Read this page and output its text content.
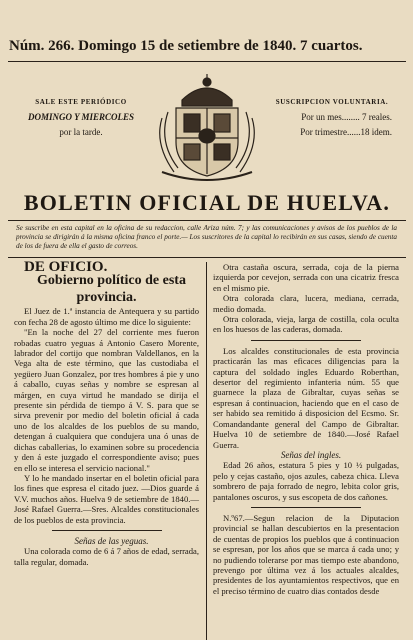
Núm. 266. Domingo 15 de setiembre de 1840. 7 cuartos.
SALE ESTE PERIÓDICO
DOMINGO Y MIERCOLES
por la tarde.
SUSCRIPCION VOLUNTARIA.
Por un mes........ 7 reales.
Por trimestre......18 idem.
BOLETIN OFICIAL DE HUELVA.
Se suscribe en esta capital en la oficina de su redaccion, calle Ariza núm. 7; y las comunicaciones y avisos de los pueblos de la provincia se dirigirán á la misma oficina franco el porte.— Los suscritores de la capital lo recibirán en sus casas, siendo de cuenta de los de fuera de ella el gasto de correos.

DE OFICIO.

Gobierno político de esta provincia.

El Juez de 1.ª instancia de Antequera y su partido con fecha 28 de agosto último me dice lo siguiente:

"En la noche del 27 del corriente mes fueron robadas cuatro yeguas á Antonio Casero Morente, labrador del cortijo que nombran Valdellanos, en la Vega alta de este término, que las custodiaba el yegüero Juan Gonzalez, por tres hombres á pie y uno á caballo, cuyas señas y nombre se espresan al márgen, en cuya virtud he mandado se dirija el presente sin pérdida de tiempo á V. S. para que se sirva prevenir por medio del boletin oficial á cada uno de los alcaldes de los pueblos de su mando, detengan á cualquiera que condujera una ó unas de dichas caballerias, lo examinen sobre su procedencia y den á este juzgado el correspondiente aviso; pues en ello se interesa el servicio nacional."

Y lo he mandado insertar en el boletin oficial para los fines que espresa el citado juez. —Dios guarde á V.V. muchos años. Huelva 9 de setiembre de 1840.—José Rafael Guerra.—Sres. Alcaldes constitucionales de los pueblos de esta provincia.

Señas de las yeguas.

Una colorada como de 6 á 7 años de edad, serrada, talla regular, domada.

Otra castaña oscura, serrada, coja de la pierna izquierda por cevejon, serrada con una cicatriz fresca en el mismo pie.

Otra colorada clara, lucera, mediana, cerrada, medio domada.

Otra colorada, vieja, larga de costilla, cola oculta en los huesos de las caderas, domada.

Los alcaldes constitucionales de esta provincia practicarán las mas eficaces diligencias para la captura del soldado ingles Eduardo Roberthan, desertor del regimiento infanteria núm. 55 que guarnece la plaza de Gibraltar, cuyas señas se espresan á continuacion, haciendo que en el caso de ser habido sea remitido á disposicion del Ecsmo. Sr. Comandandante general del Campo de Gibraltar. Huelva 10 de setiembre de 1840.—José Rafael Guerra.

Señas del ingles.

Edad 26 años, estatura 5 pies y 10 ½ pulgadas, pelo y cejas castaño, ojos azules, cabeza chica. Lleva sombrero de paja forrado de negro, lebita color gris, pantalones oscuros, y sus escopeta de dos cañones.

N.º67.—Segun relacion de la Diputacion provincial se hallan descubiertos en la presentacion de cuentas de propios los pueblos que á continuacion se espresan, por los años que se marca á cada uno; y no pudiendo tolerarse por mas tiempo este abandono, prevengo por última vez á los actuales alcaldes, presidentes de los ayuntamientos respectivos, que en el preciso término de cuatro dias contados desde
